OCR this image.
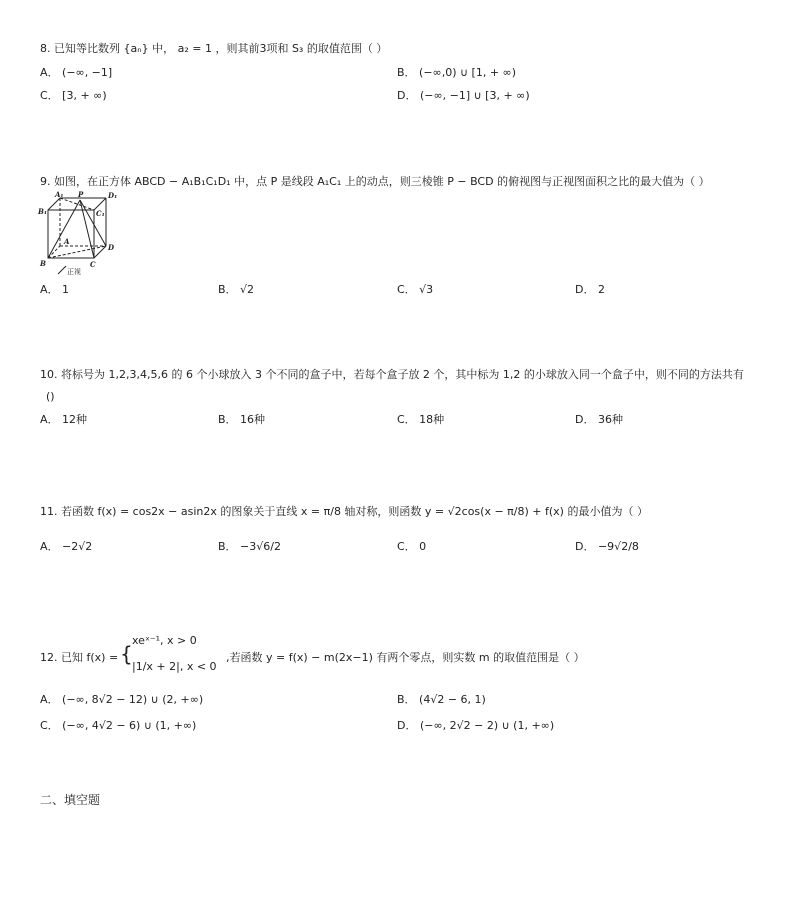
8. 已知等比数列 {aₙ} 中， a₂ = 1 ，则其前3项和 S₃ 的取值范围（ ）
A． (−∞, −1]	B． (−∞,0) ∪ [1, + ∞)
C． [3, + ∞)	D． (−∞, −1] ∪ [3, + ∞)
9. 如图，在正方体 ABCD − A₁B₁C₁D₁ 中，点 P 是线段 A₁C₁ 上的动点，则三棱锥 P − BCD 的俯视图与正视图面积之比的最大值为（ ）
A₁ P	D₁
B₁	C₁
A
D
B	C
正视
A． 1	B． √2	C． √3	D． 2
10. 将标号为 1,2,3,4,5,6 的 6 个小球放入 3 个不同的盒子中，若每个盒子放 2 个，其中标为 1,2 的小球放入同一个盒子中，则不同的方法共有
()
A． 12种	B． 16种	C． 18种	D． 36种
11. 若函数 f(x) = cos2x − asin2x 的图象关于直线 x = π/8 轴对称，则函数 y = √2cos(x − π/8) + f(x) 的最小值为（ ）
A． −2√2	B． −3√6/2	C． 0	D． −9√2/8
12. 已知 f(x) = {
xeˣ⁻¹, x > 0
|1/x + 2|, x < 0
,若函数 y = f(x) − m(2x−1) 有两个零点，则实数 m 的取值范围是（ ）
A． (−∞, 8√2 − 12) ∪ (2, +∞)	B． (4√2 − 6, 1)
C． (−∞, 4√2 − 6) ∪ (1, +∞)	D． (−∞, 2√2 − 2) ∪ (1, +∞)
二、填空题
